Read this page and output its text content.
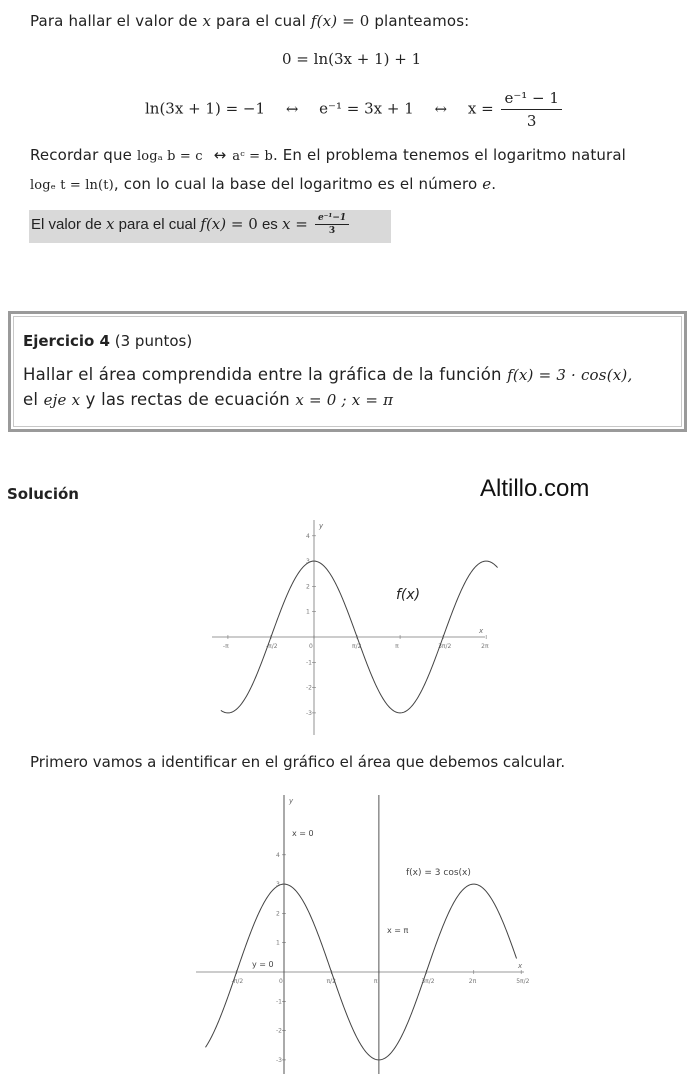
Para hallar el valor de x para el cual f(x) = 0 planteamos:
0 = ln(3x + 1) + 1
ln(3x + 1) = −1 ↔ e⁻¹ = 3x + 1 ↔ $x = \frac{\text{e⁻¹ − 1}}{3}$
Recordar que logₐ b = c ↔ aᶜ = b. En el problema tenemos el logaritmo natural
logₑ t = ln(t), con lo cual la base del logaritmo es el número e.
El valor de x para el cual f(x) = 0 es $x = \frac{\text{e⁻¹−1}}{3}$
Ejercicio 4 (3 puntos)
Hallar el área comprendida entre la gráfica de la función f(x) = 3 · cos(x),
el eje x y las rectas de ecuación x = 0 ; x = π
Solución	Altillo.com
y
x
-π	-π/2	0	π/2	π	3π/2	2π
4
3
2
1
-1
-2
-3
f(x)
Primero vamos a identificar en el gráfico el área que debemos calcular.
y
x
-π/2	0	π/2	π	3π/2	2π	5π/2
4
3
2
1
-1
-2
-3
x = 0
x = π
y = 0
f(x) = 3 cos(x)
